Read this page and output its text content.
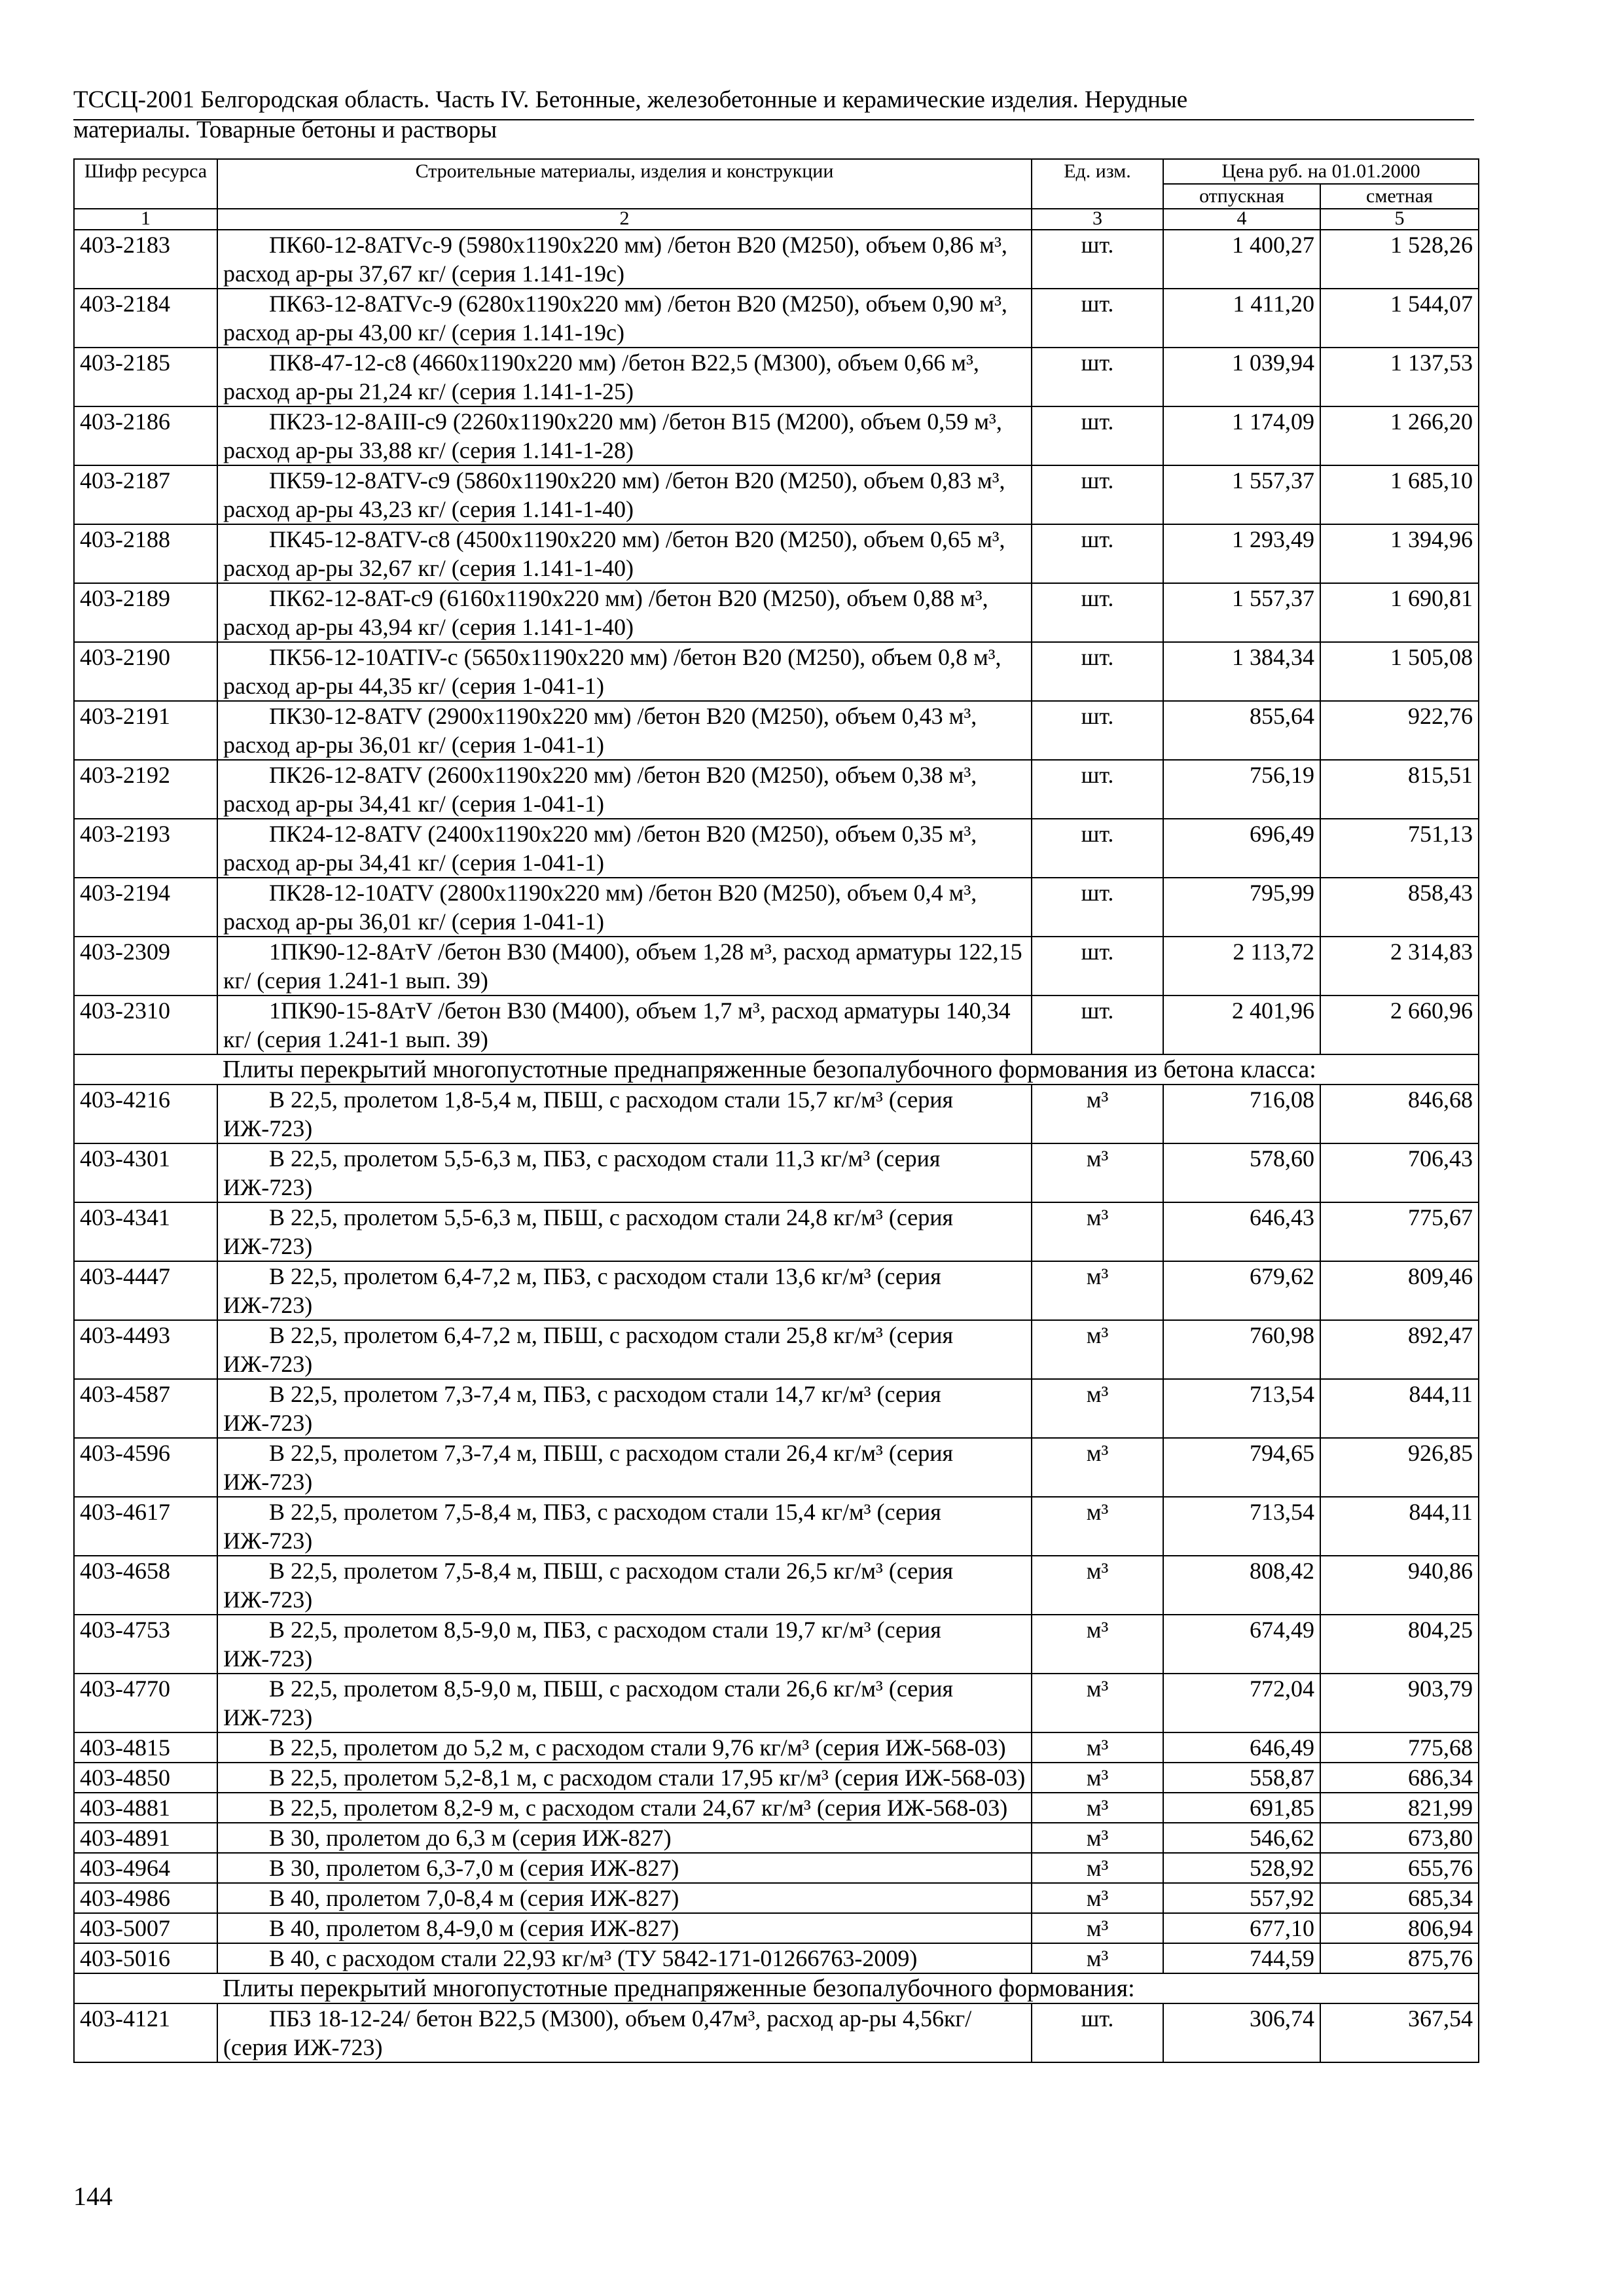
ТССЦ-2001 Белгородская область. Часть IV. Бетонные, железобетонные и керамические изделия. Нерудные
материалы. Товарные бетоны и растворы
Шифр ресурса	Строительные материалы, изделия и конструкции	Ед. изм.	Цена руб. на 01.01.2000	
			отпускная	сметная
1	2	3	4	5
403-2183	ПК60-12-8ATVс-9 (5980x1190x220 мм) /бетон В20 (М250), объем 0,86 м³, расход ар-ры 37,67 кг/ (серия 1.141-19с)	шт.	1 400,27	1 528,26
403-2184	ПК63-12-8ATVс-9 (6280x1190x220 мм) /бетон В20 (М250), объем 0,90 м³, расход ар-ры 43,00 кг/ (серия 1.141-19с)	шт.	1 411,20	1 544,07
403-2185	ПК8-47-12-с8 (4660x1190x220 мм) /бетон В22,5 (М300), объем 0,66 м³, расход ар-ры 21,24 кг/ (серия 1.141-1-25)	шт.	1 039,94	1 137,53
403-2186	ПК23-12-8AIII-с9 (2260x1190x220 мм) /бетон В15 (М200), объем 0,59 м³, расход ар-ры 33,88 кг/ (серия 1.141-1-28)	шт.	1 174,09	1 266,20
403-2187	ПК59-12-8ATV-с9 (5860x1190x220 мм) /бетон В20 (М250), объем 0,83 м³, расход ар-ры 43,23 кг/ (серия 1.141-1-40)	шт.	1 557,37	1 685,10
403-2188	ПК45-12-8ATV-с8 (4500x1190x220 мм) /бетон В20 (М250), объем 0,65 м³, расход ар-ры 32,67 кг/ (серия 1.141-1-40)	шт.	1 293,49	1 394,96
403-2189	ПК62-12-8AT-с9 (6160x1190x220 мм) /бетон В20 (М250), объем 0,88 м³, расход ар-ры 43,94 кг/ (серия 1.141-1-40)	шт.	1 557,37	1 690,81
403-2190	ПК56-12-10ATIV-с (5650x1190x220 мм) /бетон В20 (М250), объем 0,8 м³, расход ар-ры 44,35 кг/ (серия 1-041-1)	шт.	1 384,34	1 505,08
403-2191	ПК30-12-8ATV (2900x1190x220 мм) /бетон В20 (М250), объем 0,43 м³, расход ар-ры 36,01 кг/ (серия 1-041-1)	шт.	855,64	922,76
403-2192	ПК26-12-8ATV (2600x1190x220 мм) /бетон В20 (М250), объем 0,38 м³, расход ар-ры 34,41 кг/ (серия 1-041-1)	шт.	756,19	815,51
403-2193	ПК24-12-8ATV (2400x1190x220 мм) /бетон В20 (М250), объем 0,35 м³, расход ар-ры 34,41 кг/ (серия 1-041-1)	шт.	696,49	751,13
403-2194	ПК28-12-10ATV (2800x1190x220 мм) /бетон В20 (М250), объем 0,4 м³, расход ар-ры 36,01 кг/ (серия 1-041-1)	шт.	795,99	858,43
403-2309	1ПК90-12-8AтV /бетон В30 (М400), объем 1,28 м³, расход арматуры 122,15 кг/ (серия 1.241-1 вып. 39)	шт.	2 113,72	2 314,83
403-2310	1ПК90-15-8AтV /бетон В30 (М400), объем 1,7 м³, расход арматуры 140,34 кг/ (серия 1.241-1 вып. 39)	шт.	2 401,96	2 660,96
Плиты перекрытий многопустотные преднапряженные безопалубочного формования из бетона класса:				
403-4216	В 22,5, пролетом 1,8-5,4 м, ПБШ, с расходом стали 15,7 кг/м³ (серия ИЖ-723)	м³	716,08	846,68
403-4301	В 22,5, пролетом 5,5-6,3 м, ПБЗ, с расходом стали 11,3 кг/м³ (серия ИЖ-723)	м³	578,60	706,43
403-4341	В 22,5, пролетом 5,5-6,3 м, ПБШ, с расходом стали 24,8 кг/м³ (серия ИЖ-723)	м³	646,43	775,67
403-4447	В 22,5, пролетом 6,4-7,2 м, ПБЗ, с расходом стали 13,6 кг/м³ (серия ИЖ-723)	м³	679,62	809,46
403-4493	В 22,5, пролетом 6,4-7,2 м, ПБШ, с расходом стали 25,8 кг/м³ (серия ИЖ-723)	м³	760,98	892,47
403-4587	В 22,5, пролетом 7,3-7,4 м, ПБЗ, с расходом стали 14,7 кг/м³ (серия ИЖ-723)	м³	713,54	844,11
403-4596	В 22,5, пролетом 7,3-7,4 м, ПБШ, с расходом стали 26,4 кг/м³ (серия ИЖ-723)	м³	794,65	926,85
403-4617	В 22,5, пролетом 7,5-8,4 м, ПБЗ, с расходом стали 15,4 кг/м³ (серия ИЖ-723)	м³	713,54	844,11
403-4658	В 22,5, пролетом 7,5-8,4 м, ПБШ, с расходом стали 26,5 кг/м³ (серия ИЖ-723)	м³	808,42	940,86
403-4753	В 22,5, пролетом 8,5-9,0 м, ПБЗ, с расходом стали 19,7 кг/м³ (серия ИЖ-723)	м³	674,49	804,25
403-4770	В 22,5, пролетом 8,5-9,0 м, ПБШ, с расходом стали 26,6 кг/м³ (серия ИЖ-723)	м³	772,04	903,79
403-4815	В 22,5, пролетом до 5,2 м, с расходом стали 9,76 кг/м³ (серия ИЖ-568-03)	м³	646,49	775,68
403-4850	В 22,5, пролетом 5,2-8,1 м, с расходом стали 17,95 кг/м³ (серия ИЖ-568-03)	м³	558,87	686,34
403-4881	В 22,5, пролетом 8,2-9 м, с расходом стали 24,67 кг/м³ (серия ИЖ-568-03)	м³	691,85	821,99
403-4891	В 30, пролетом до 6,3 м (серия ИЖ-827)	м³	546,62	673,80
403-4964	В 30, пролетом 6,3-7,0 м (серия ИЖ-827)	м³	528,92	655,76
403-4986	В 40, пролетом 7,0-8,4 м (серия ИЖ-827)	м³	557,92	685,34
403-5007	В 40, пролетом 8,4-9,0 м (серия ИЖ-827)	м³	677,10	806,94
403-5016	В 40, с расходом стали 22,93 кг/м³ (ТУ 5842-171-01266763-2009)	м³	744,59	875,76
Плиты перекрытий многопустотные преднапряженные безопалубочного формования:				
403-4121	ПБЗ 18-12-24/ бетон В22,5 (М300), объем 0,47м³, расход ар-ры 4,56кг/ (серия ИЖ-723)	шт.	306,74	367,54
144
